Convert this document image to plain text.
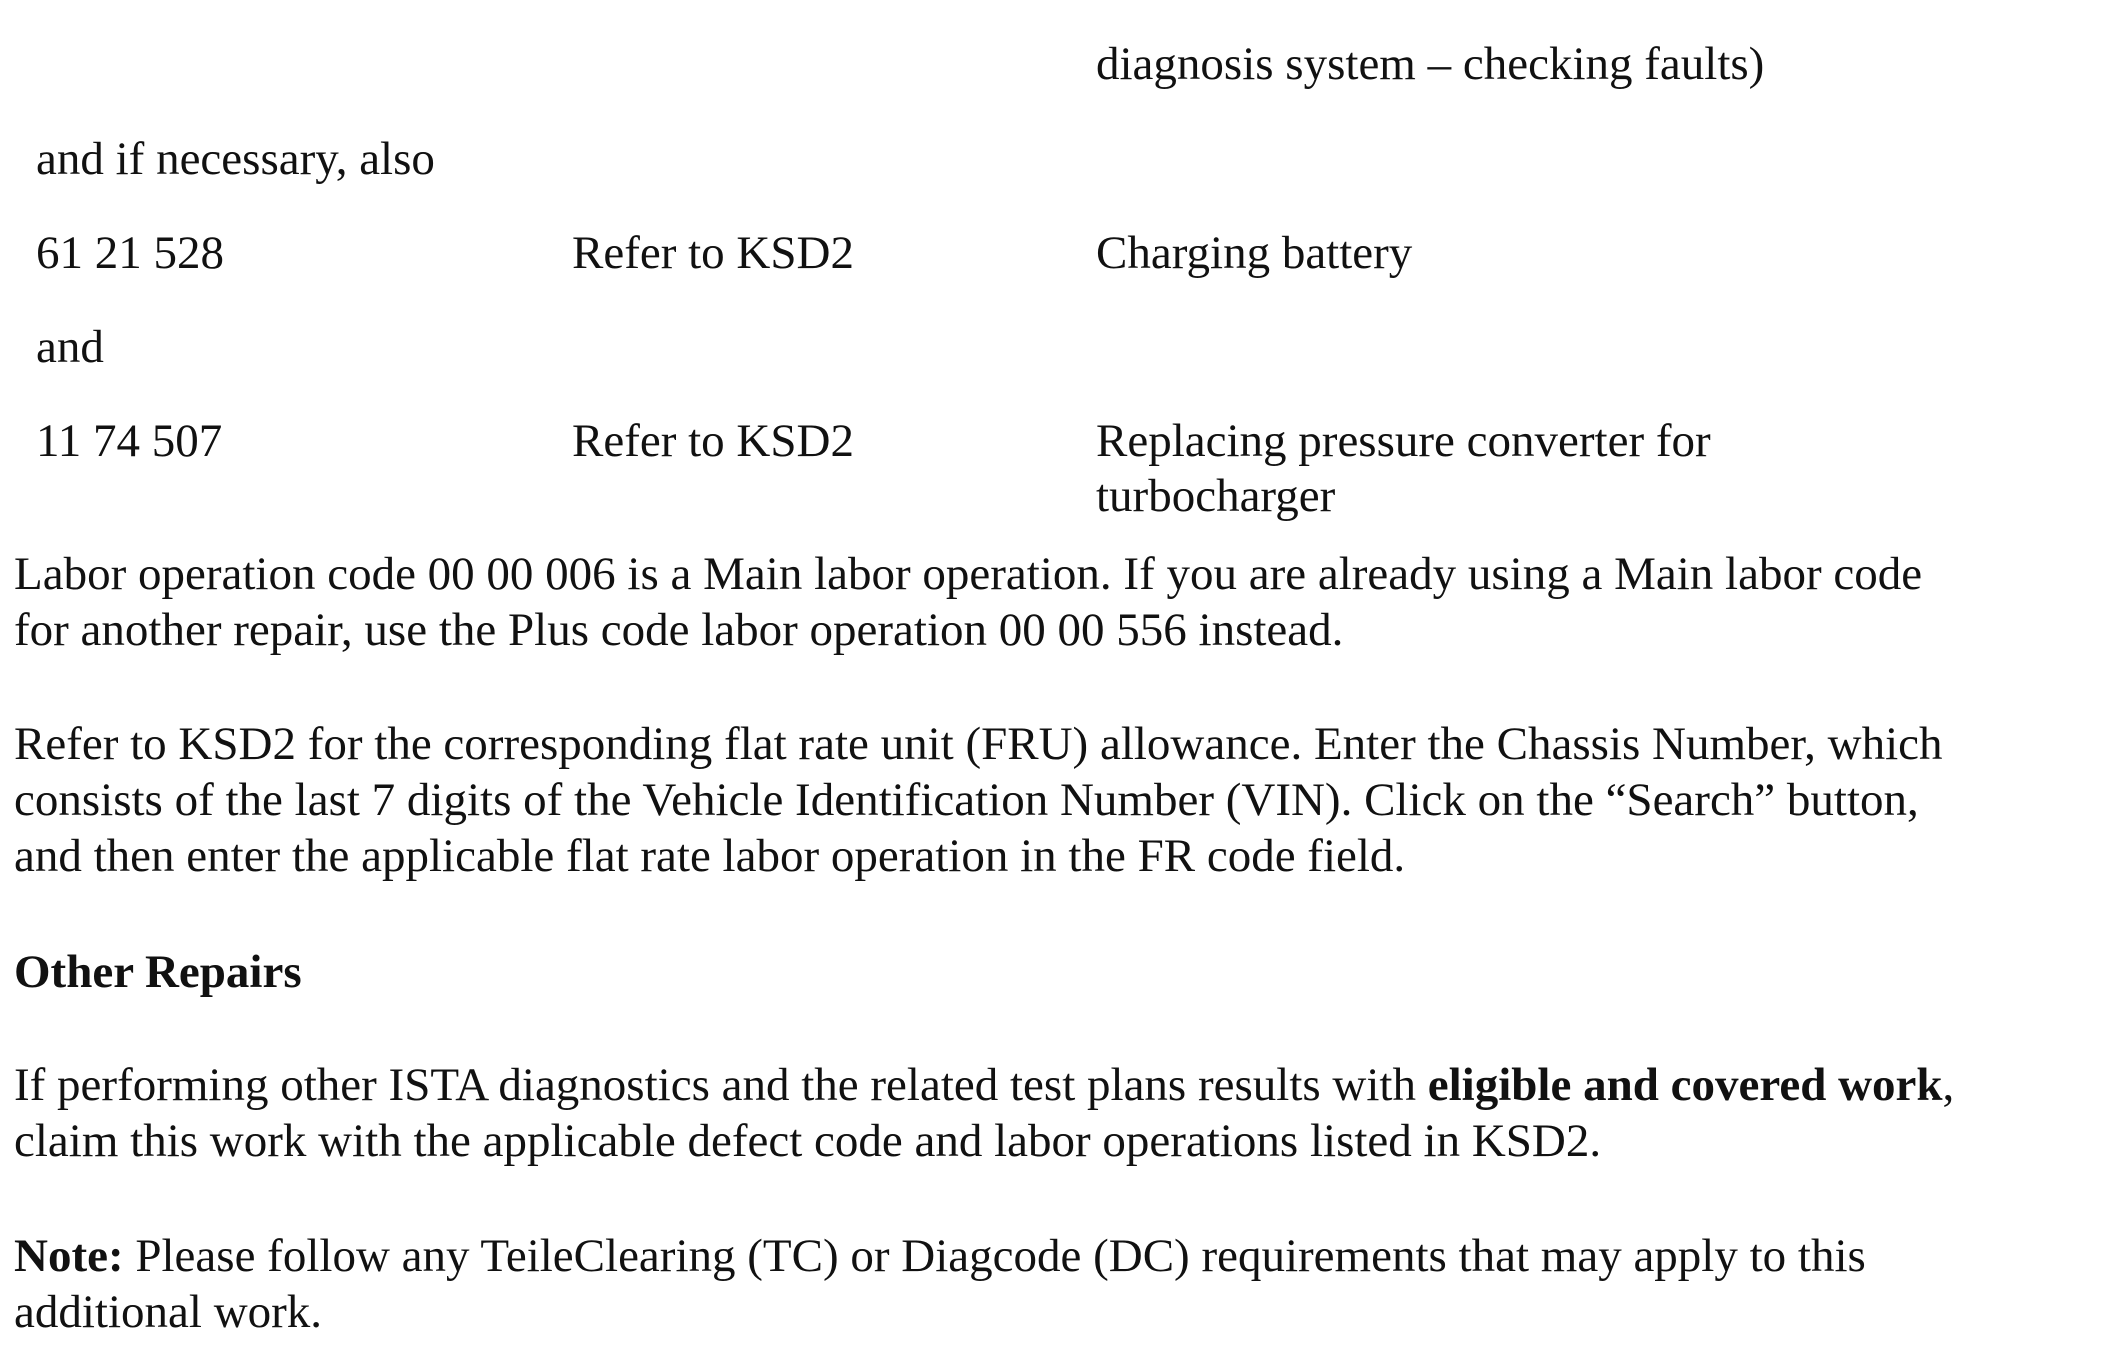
diagnosis system – checking faults)
and if necessary, also
61 21 528	Refer to KSD2	Charging battery
and
11 74 507	Refer to KSD2	Replacing pressure converter for
turbocharger
Labor operation code 00 00 006 is a Main labor operation. If you are already using a Main labor code
for another repair, use the Plus code labor operation 00 00 556 instead.
Refer to KSD2 for the corresponding flat rate unit (FRU) allowance. Enter the Chassis Number, which
consists of the last 7 digits of the Vehicle Identification Number (VIN). Click on the “Search” button,
and then enter the applicable flat rate labor operation in the FR code field.
Other Repairs
If performing other ISTA diagnostics and the related test plans results with eligible and covered work,
claim this work with the applicable defect code and labor operations listed in KSD2.
Note: Please follow any TeileClearing (TC) or Diagcode (DC) requirements that may apply to this
additional work.
